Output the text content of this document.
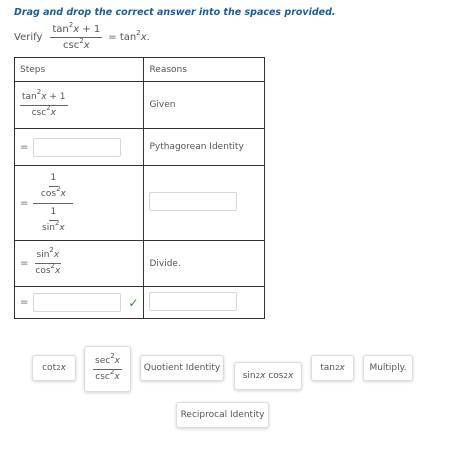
Drag and drop the correct answer into the spaces provided.
Verify $\frac{\tan^2x + 1}{\csc^2x} = \tan^2x$.
Steps	Reasons

$\frac{\tan^2x + 1}{\csc^2x}$	Given

=	Pythagorean Identity

=
$\frac{1}{\cos^2x}$
$\frac{1}{\sin^2x}$

= $\frac{\sin^2x}{\cos^2x}$	Divide.

= ✓	

cot 2 x	$\frac{\sec^2x}{\csc^2x}$ Quotient Identity
sin 2 x
cos 2 x
tan 2 x	Multiply.
Reciprocal Identity
